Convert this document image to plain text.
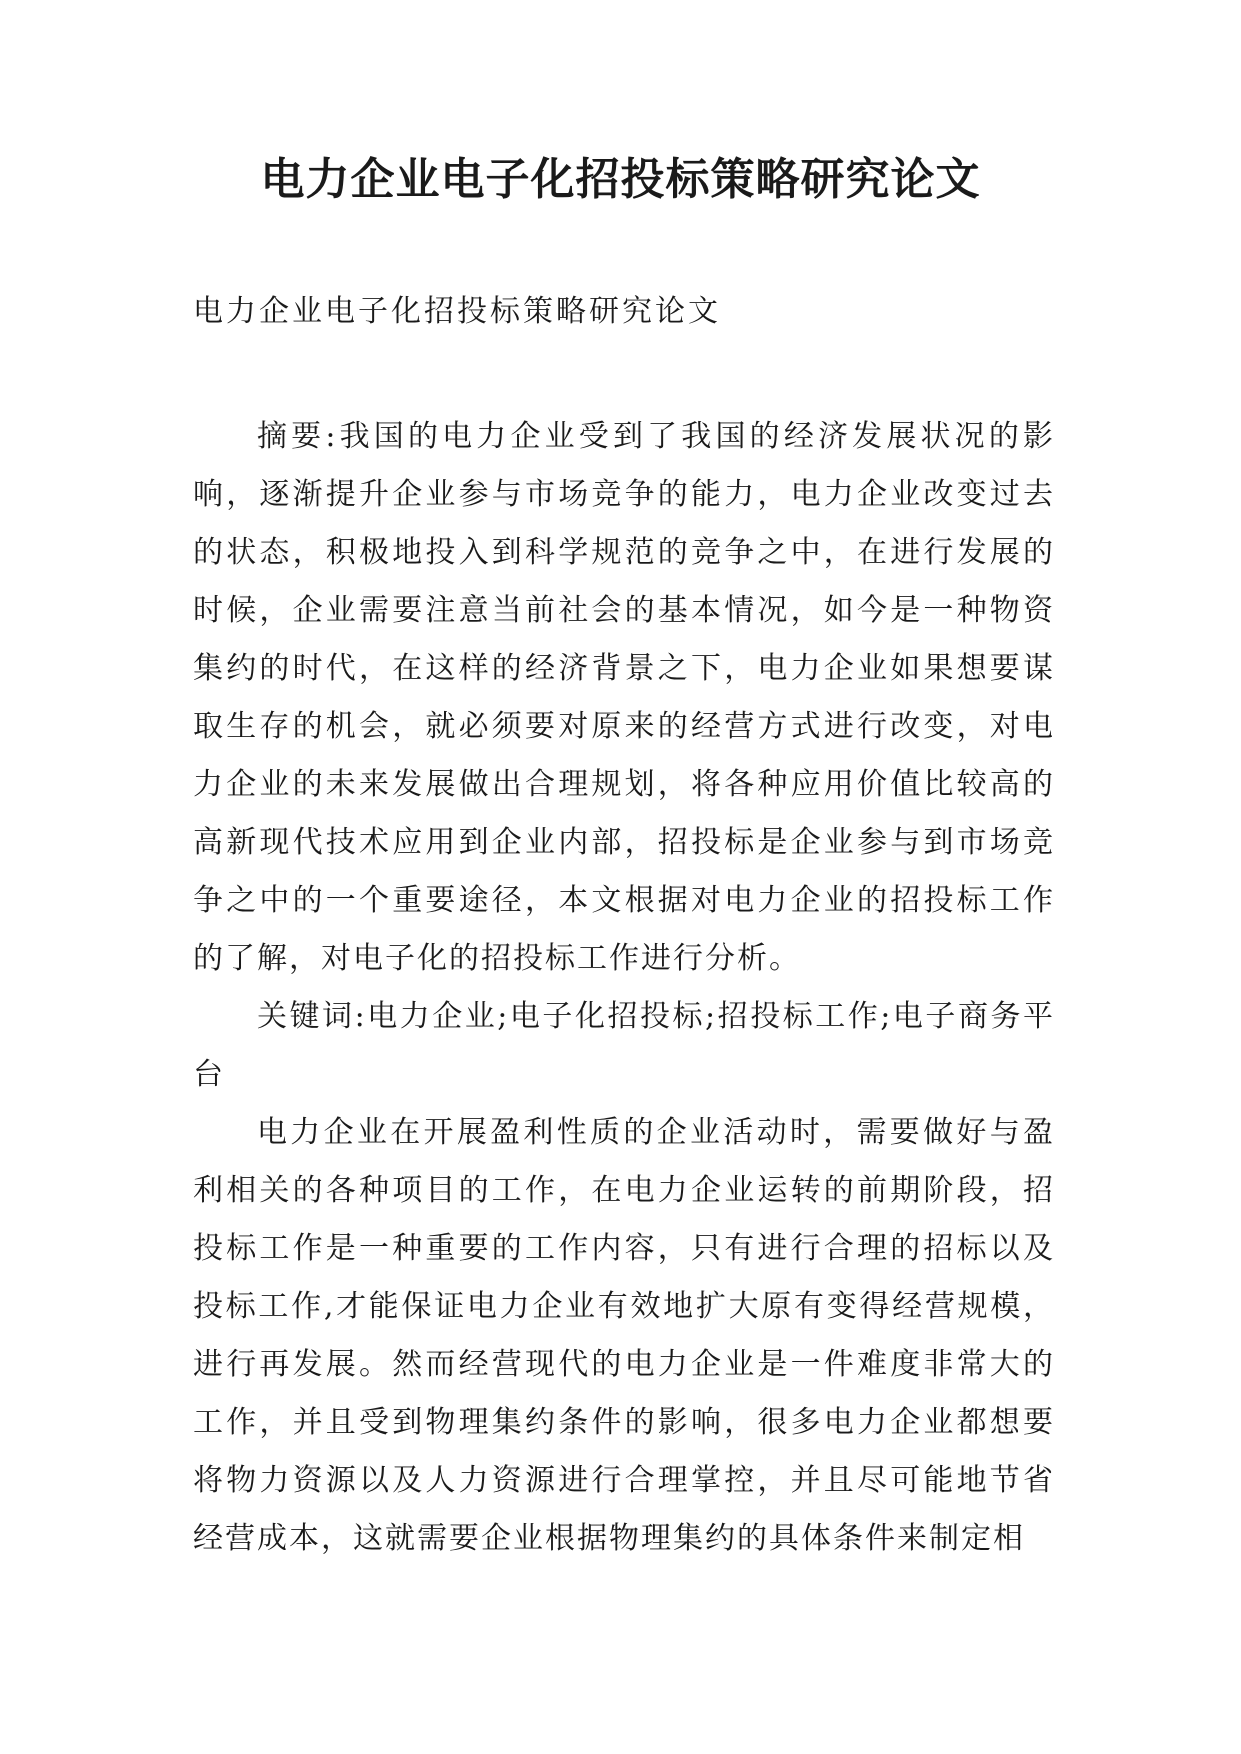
电力企业电子化招投标策略研究论文

电力企业电子化招投标策略研究论文

摘要:我国的电力企业受到了我国的经济发展状况的影响，逐渐提升企业参与市场竞争的能力，电力企业改变过去的状态，积极地投入到科学规范的竞争之中，在进行发展的时候，企业需要注意当前社会的基本情况，如今是一种物资集约的时代，在这样的经济背景之下，电力企业如果想要谋取生存的机会，就必须要对原来的经营方式进行改变，对电力企业的未来发展做出合理规划，将各种应用价值比较高的高新现代技术应用到企业内部，招投标是企业参与到市场竞争之中的一个重要途径，本文根据对电力企业的招投标工作的了解，对电子化的招投标工作进行分析。

关键词:电力企业;电子化招投标;招投标工作;电子商务平台

电力企业在开展盈利性质的企业活动时，需要做好与盈利相关的各种项目的工作，在电力企业运转的前期阶段，招投标工作是一种重要的工作内容，只有进行合理的招标以及投标工作,才能保证电力企业有效地扩大原有变得经营规模，进行再发展。然而经营现代的电力企业是一件难度非常大的工作，并且受到物理集约条件的影响，很多电力企业都想要将物力资源以及人力资源进行合理掌控，并且尽可能地节省经营成本，这就需要企业根据物理集约的具体条件来制定相
